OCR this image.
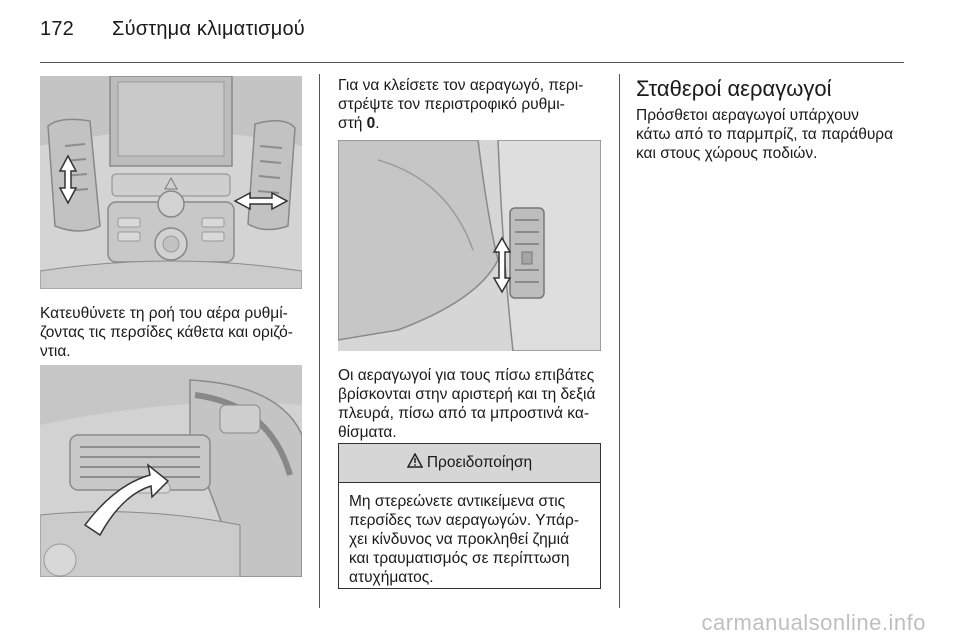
172 Σύστημα κλιματισμού
Κατευθύνετε τη ροή του αέρα ρυθμί-
ζοντας τις περσίδες κάθετα και οριζό-
ντια.
Για να κλείσετε τον αεραγωγό, περι-
στρέψτε τον περιστροφικό ρυθμι-
στή 0.
Οι αεραγωγοί για τους πίσω επιβάτες
βρίσκονται στην αριστερή και τη δεξιά
πλευρά, πίσω από τα μπροστινά κα-
θίσματα.
Προειδοποίηση
Μη στερεώνετε αντικείμενα στις
περσίδες των αεραγωγών. Υπάρ-
χει κίνδυνος να προκληθεί ζημιά
και τραυματισμός σε περίπτωση
ατυχήματος.
Σταθεροί αεραγωγοί
Πρόσθετοι αεραγωγοί υπάρχουν
κάτω από το παρμπρίζ, τα παράθυρα
και στους χώρους ποδιών.
carmanualsonline.info
